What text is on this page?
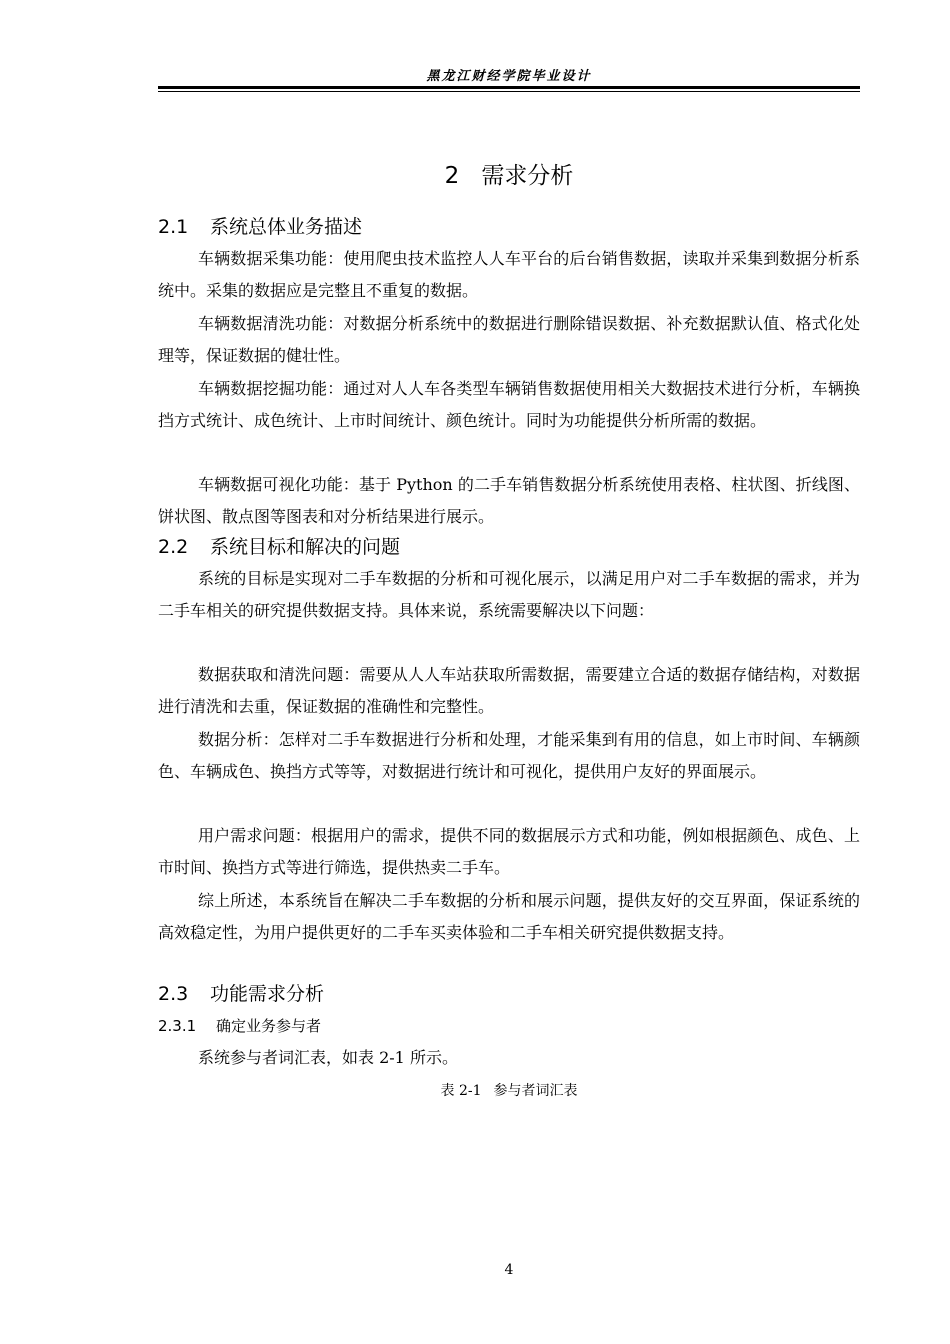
黑龙江财经学院毕业设计
2 需求分析
2.1 系统总体业务描述

车辆数据采集功能：使用爬虫技术监控人人车平台的后台销售数据，读取并采集到数据分析系统中。采集的数据应是完整且不重复的数据。

车辆数据清洗功能：对数据分析系统中的数据进行删除错误数据、补充数据默认值、格式化处理等，保证数据的健壮性。

车辆数据挖掘功能：通过对人人车各类型车辆销售数据使用相关大数据技术进行分析，车辆换挡方式统计、成色统计、上市时间统计、颜色统计。同时为功能提供分析所需的数据。

车辆数据可视化功能：基于 Python 的二手车销售数据分析系统使用表格、柱状图、折线图、饼状图、散点图等图表和对分析结果进行展示。

2.2 系统目标和解决的问题

系统的目标是实现对二手车数据的分析和可视化展示，以满足用户对二手车数据的需求，并为二手车相关的研究提供数据支持。具体来说，系统需要解决以下问题：

数据获取和清洗问题：需要从人人车站获取所需数据，需要建立合适的数据存储结构，对数据进行清洗和去重，保证数据的准确性和完整性。

数据分析：怎样对二手车数据进行分析和处理，才能采集到有用的信息，如上市时间、车辆颜色、车辆成色、换挡方式等等，对数据进行统计和可视化，提供用户友好的界面展示。

用户需求问题：根据用户的需求，提供不同的数据展示方式和功能，例如根据颜色、成色、上市时间、换挡方式等进行筛选，提供热卖二手车。

综上所述，本系统旨在解决二手车数据的分析和展示问题，提供友好的交互界面，保证系统的高效稳定性，为用户提供更好的二手车买卖体验和二手车相关研究提供数据支持。

2.3 功能需求分析
2.3.1 确定业务参与者

系统参与者词汇表，如表 2-1 所示。

表 2-1 参与者词汇表
4
